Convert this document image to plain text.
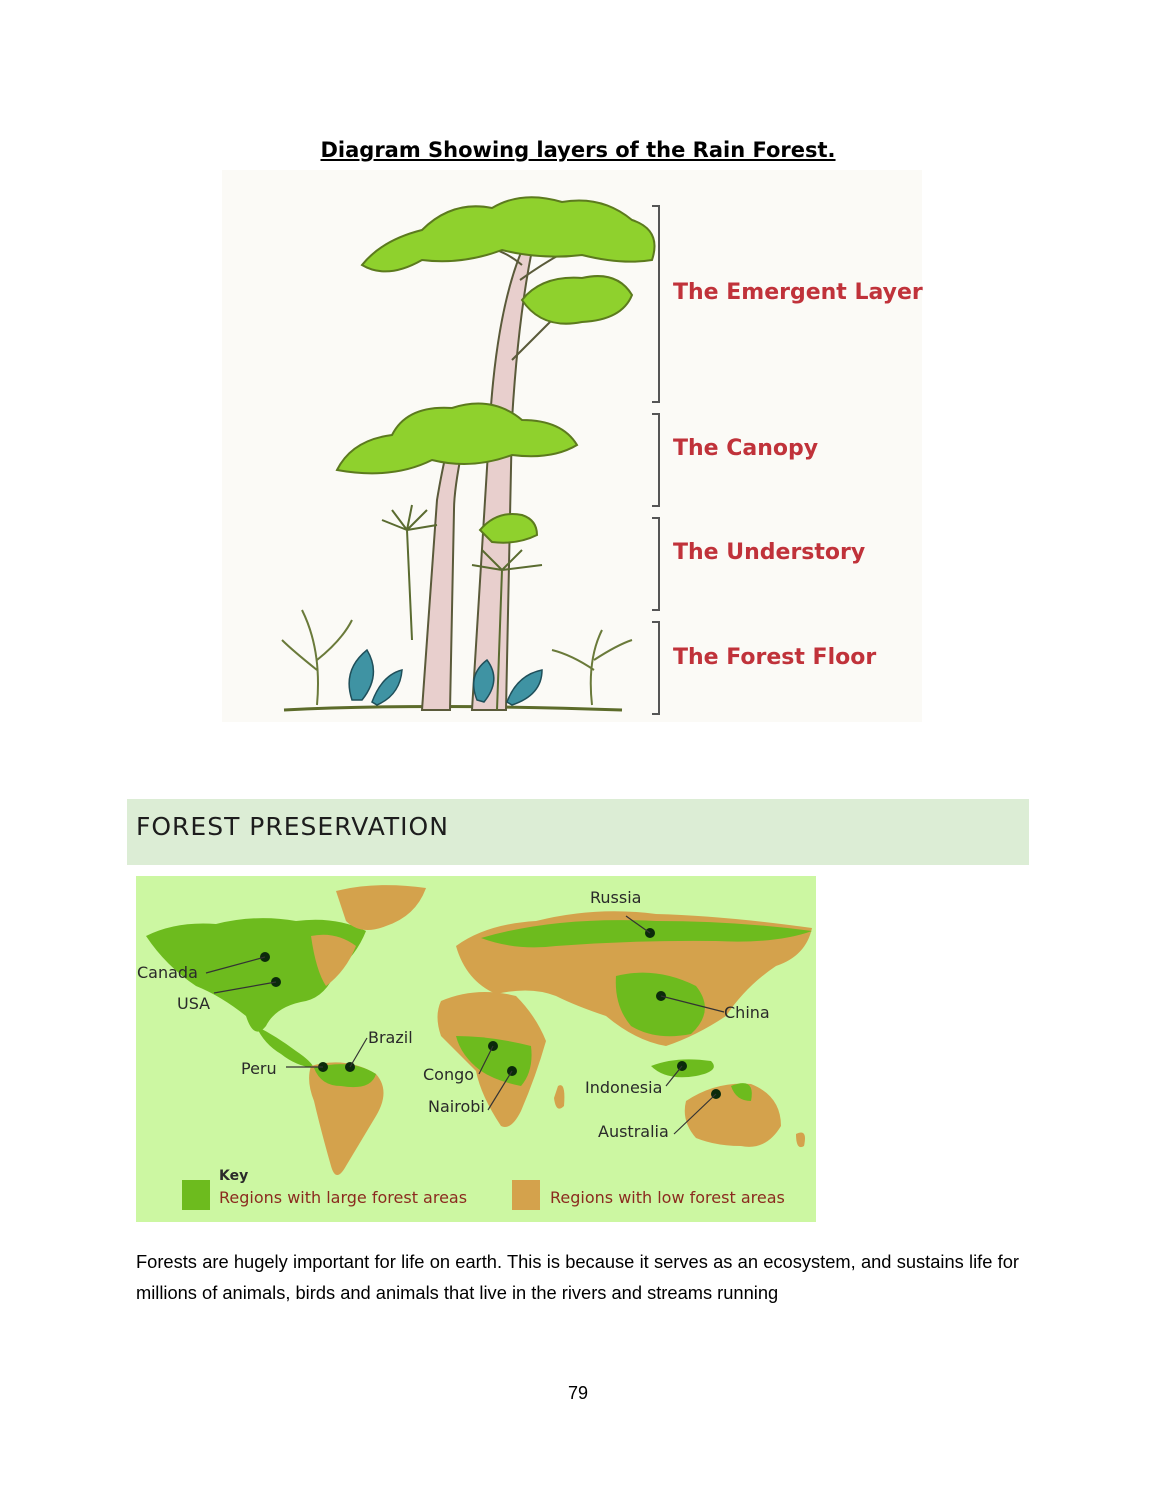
Diagram Showing layers of the Rain Forest.
The Emergent Layer
The Canopy
The Understory
The Forest Floor
FOREST PRESERVATION
Russia
Canada
USA	China
Brazil
Peru	Congo
Indonesia
Nairobi
Australia
Key
Regions with large forest areas	Regions with low forest areas
Forests are hugely important for life on earth. This is because it serves as an ecosystem, and sustains life for millions of animals, birds and animals that live in the rivers and streams running
79
